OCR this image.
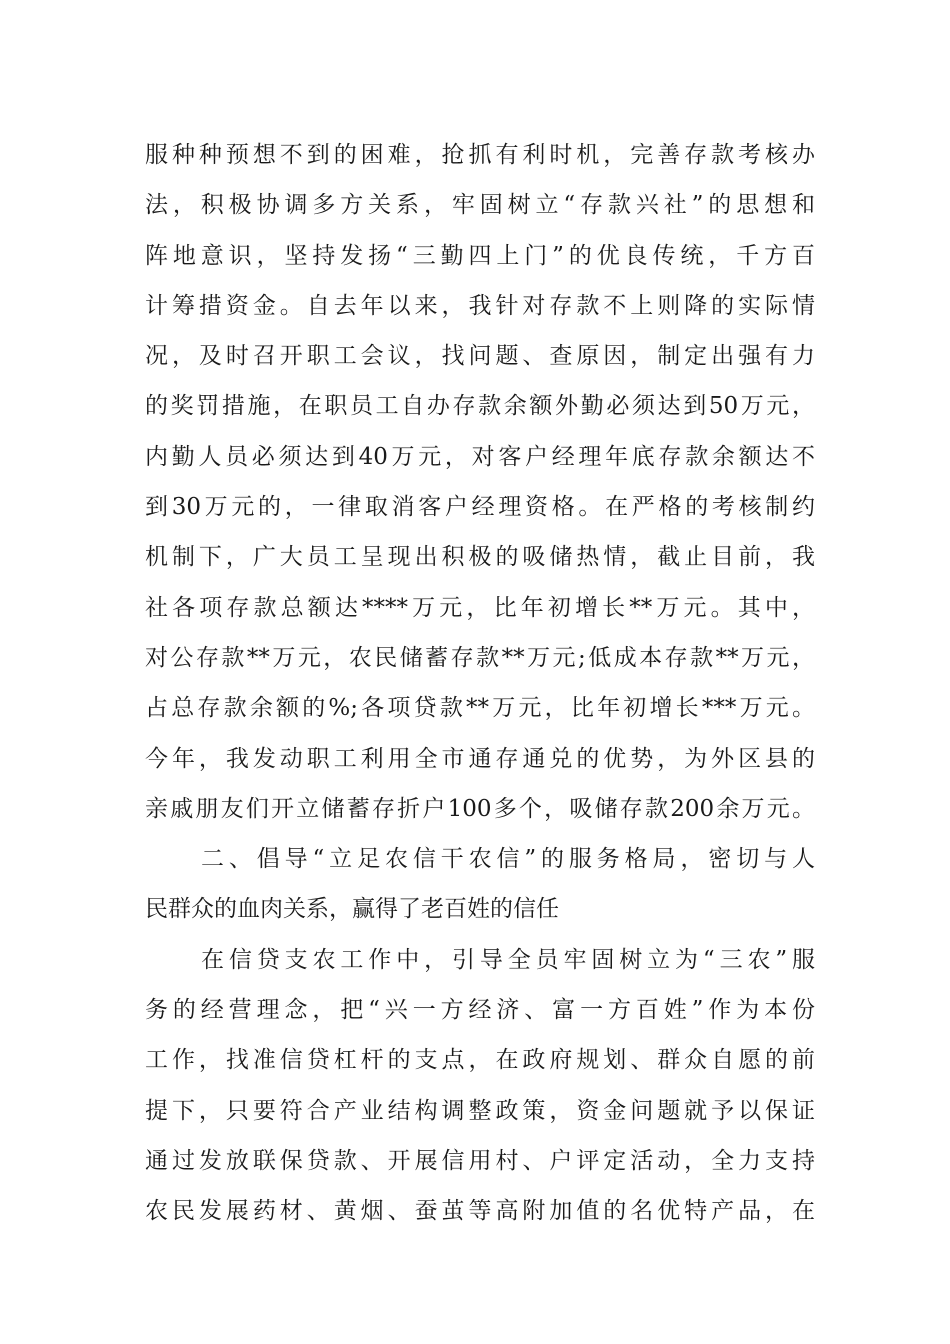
服种种预想不到的困难，抢抓有利时机，完善存款考核办
法，积极协调多方关系，牢固树立“存款兴社”的思想和
阵地意识，坚持发扬“三勤四上门”的优良传统，千方百
计筹措资金。自去年以来，我针对存款不上则降的实际情
况，及时召开职工会议，找问题、查原因，制定出强有力
的奖罚措施，在职员工自办存款余额外勤必须达到50万元，
内勤人员必须达到40万元，对客户经理年底存款余额达不
到30万元的，一律取消客户经理资格。在严格的考核制约
机制下，广大员工呈现出积极的吸储热情，截止目前，我
社各项存款总额达****万元，比年初增长**万元。其中，
对公存款**万元，农民储蓄存款**万元;低成本存款**万元，
占总存款余额的%;各项贷款**万元，比年初增长***万元。
今年，我发动职工利用全市通存通兑的优势，为外区县的
亲戚朋友们开立储蓄存折户100多个，吸储存款200余万元。
二、倡导“立足农信干农信”的服务格局，密切与人
民群众的血肉关系，赢得了老百姓的信任
在信贷支农工作中，引导全员牢固树立为“三农”服
务的经营理念，把“兴一方经济、富一方百姓”作为本份
工作，找准信贷杠杆的支点，在政府规划、群众自愿的前
提下，只要符合产业结构调整政策，资金问题就予以保证
通过发放联保贷款、开展信用村、户评定活动，全力支持
农民发展药材、黄烟、蚕茧等高附加值的名优特产品，在
